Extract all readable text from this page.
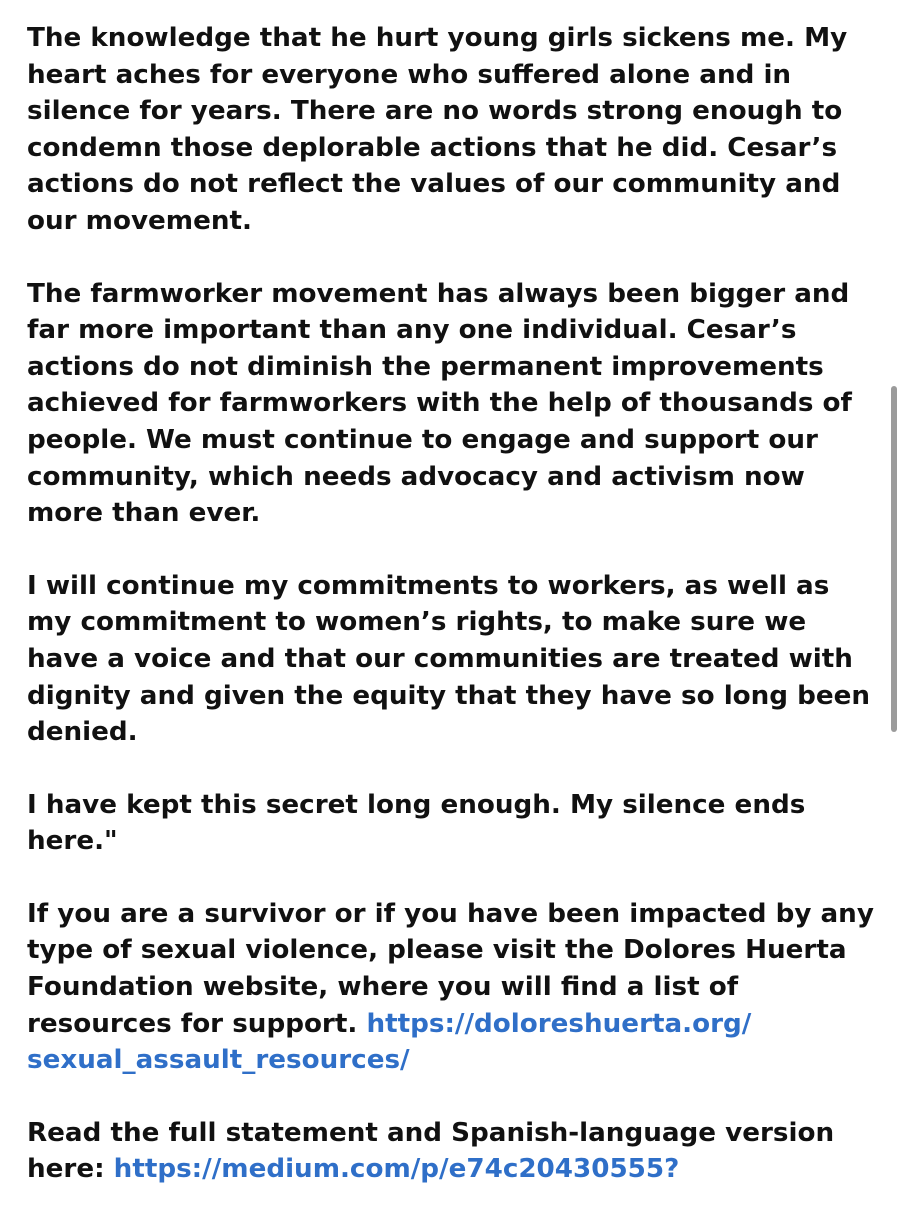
The knowledge that he hurt young girls sickens me. My
heart aches for everyone who suffered alone and in
silence for years. There are no words strong enough to
condemn those deplorable actions that he did. Cesar’s
actions do not reflect the values of our community and
our movement.

The farmworker movement has always been bigger and
far more important than any one individual. Cesar’s
actions do not diminish the permanent improvements
achieved for farmworkers with the help of thousands of
people. We must continue to engage and support our
community, which needs advocacy and activism now
more than ever.

I will continue my commitments to workers, as well as
my commitment to women’s rights, to make sure we
have a voice and that our communities are treated with
dignity and given the equity that they have so long been
denied.

I have kept this secret long enough. My silence ends
here."

If you are a survivor or if you have been impacted by any
type of sexual violence, please visit the Dolores Huerta
Foundation website, where you will find a list of
resources for support. https://doloreshuerta.org/
sexual_assault_resources/

Read the full statement and Spanish-language version
here: https://medium.com/p/e74c20430555?
